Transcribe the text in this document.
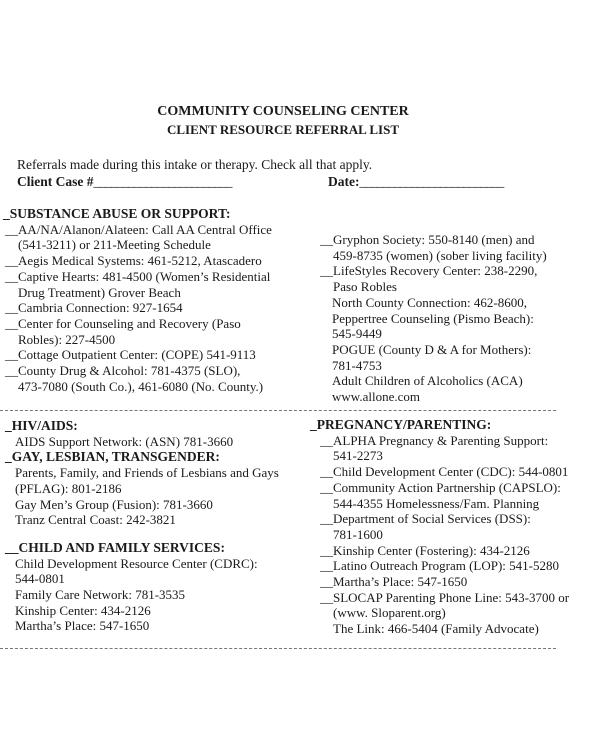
COMMUNITY COUNSELING CENTER
CLIENT RESOURCE REFERRAL LIST
Referrals made during this intake or therapy. Check all that apply.
Client Case #________________________	Date:_________________________
_SUBSTANCE ABUSE OR SUPPORT:
__AA/NA/Alanon/Alateen: Call AA Central Office
(541-3211) or 211-Meeting Schedule
__Aegis Medical Systems: 461-5212, Atascadero
__Captive Hearts: 481-4500 (Women’s Residential
Drug Treatment) Grover Beach
__Cambria Connection: 927-1654
__Center for Counseling and Recovery (Paso
Robles): 227-4500
__Cottage Outpatient Center: (COPE) 541-9113
__County Drug & Alcohol: 781-4375 (SLO),
473-7080 (South Co.), 461-6080 (No. County.)
__Gryphon Society: 550-8140 (men) and
459-8735 (women) (sober living facility)
__LifeStyles Recovery Center: 238-2290,
Paso Robles
North County Connection: 462-8600,
Peppertree Counseling (Pismo Beach):
545-9449
POGUE (County D & A for Mothers):
781-4753
Adult Children of Alcoholics (ACA)
www.allone.com
_HIV/AIDS:
AIDS Support Network: (ASN) 781-3660
_GAY, LESBIAN, TRANSGENDER:
Parents, Family, and Friends of Lesbians and Gays
(PFLAG): 801-2186
Gay Men’s Group (Fusion): 781-3660
Tranz Central Coast: 242-3821
__CHILD AND FAMILY SERVICES:
Child Development Resource Center (CDRC):
544-0801
Family Care Network: 781-3535
Kinship Center: 434-2126
Martha’s Place: 547-1650
_PREGNANCY/PARENTING:
__ALPHA Pregnancy & Parenting Support:
541-2273
__Child Development Center (CDC): 544-0801
__Community Action Partnership (CAPSLO):
544-4355 Homelessness/Fam. Planning
__Department of Social Services (DSS):
781-1600
__Kinship Center (Fostering): 434-2126
__Latino Outreach Program (LOP): 541-5280
__Martha’s Place: 547-1650
__SLOCAP Parenting Phone Line: 543-3700 or
(www. Sloparent.org)
The Link: 466-5404 (Family Advocate)
